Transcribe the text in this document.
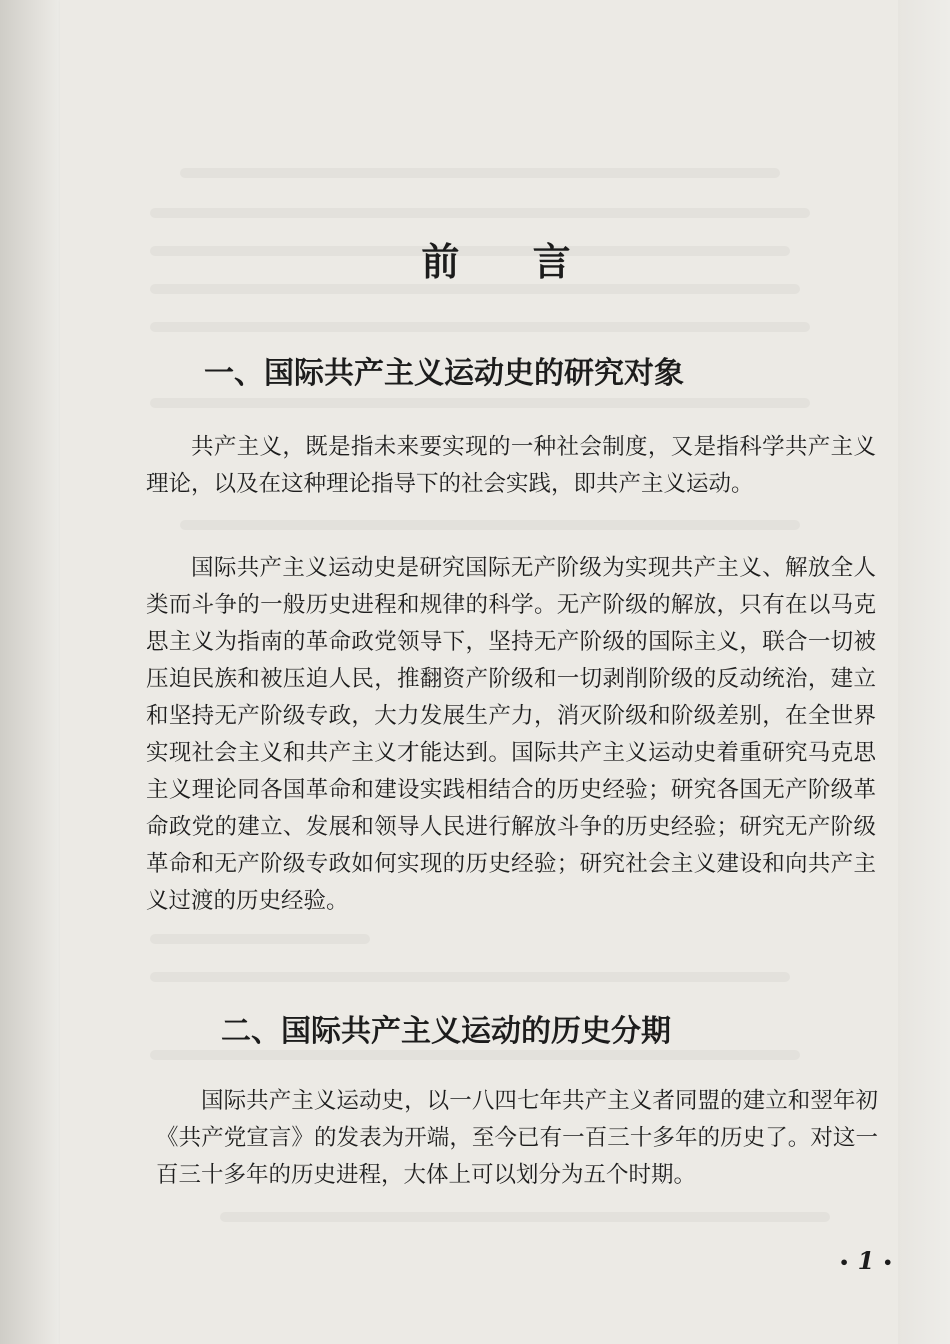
前 言
一、国际共产主义运动史的研究对象

共产主义，既是指未来要实现的一种社会制度，又是指科学共产主义理论，以及在这种理论指导下的社会实践，即共产主义运动。

国际共产主义运动史是研究国际无产阶级为实现共产主义、解放全人类而斗争的一般历史进程和规律的科学。无产阶级的解放，只有在以马克思主义为指南的革命政党领导下，坚持无产阶级的国际主义，联合一切被压迫民族和被压迫人民，推翻资产阶级和一切剥削阶级的反动统治，建立和坚持无产阶级专政，大力发展生产力，消灭阶级和阶级差别，在全世界实现社会主义和共产主义才能达到。国际共产主义运动史着重研究马克思主义理论同各国革命和建设实践相结合的历史经验；研究各国无产阶级革命政党的建立、发展和领导人民进行解放斗争的历史经验；研究无产阶级革命和无产阶级专政如何实现的历史经验；研究社会主义建设和向共产主义过渡的历史经验。

二、国际共产主义运动的历史分期

国际共产主义运动史，以一八四七年共产主义者同盟的建立和翌年初《共产党宣言》的发表为开端，至今已有一百三十多年的历史了。对这一百三十多年的历史进程，大体上可以划分为五个时期。

• 1 •
